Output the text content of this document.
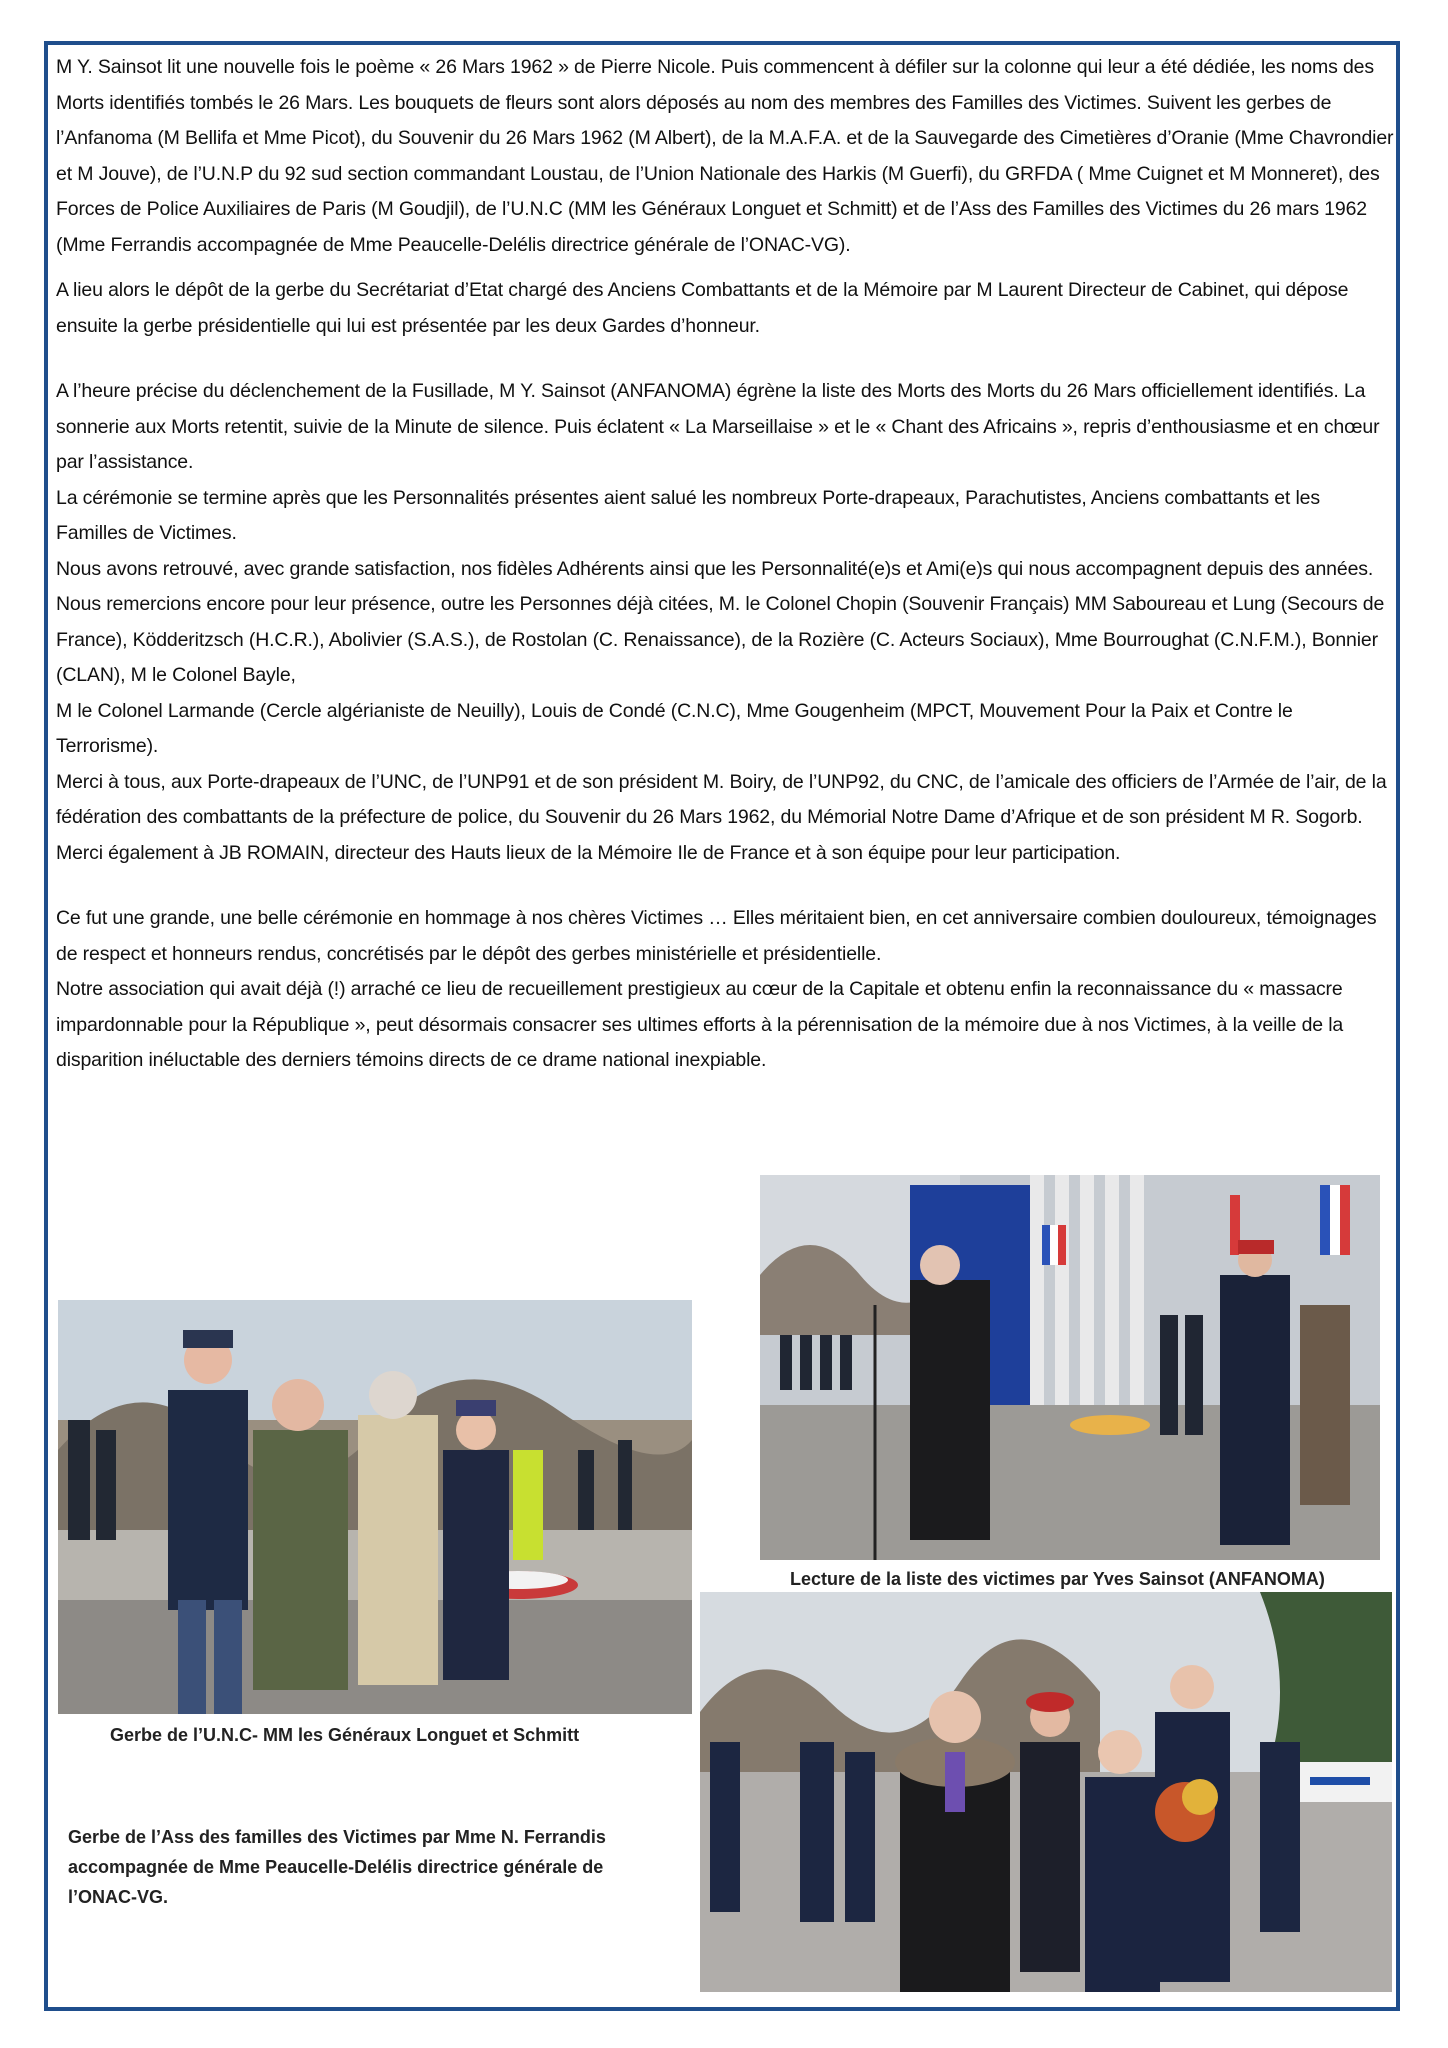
M Y. Sainsot lit une nouvelle fois le poème « 26 Mars 1962 » de Pierre Nicole. Puis commencent à défiler sur la colonne qui leur a été dédiée, les noms des Morts identifiés tombés le 26 Mars. Les bouquets de fleurs sont alors déposés au nom des membres des Familles des Victimes. Suivent les gerbes de l’Anfanoma (M Bellifa et Mme Picot), du Souvenir du 26 Mars 1962 (M Albert), de la M.A.F.A. et de la Sauvegarde des Cimetières d’Oranie (Mme Chavrondier et M Jouve), de l’U.N.P du 92 sud section commandant Loustau, de l’Union Nationale des Harkis (M Guerfi), du GRFDA ( Mme Cuignet et M Monneret), des Forces de Police Auxiliaires de Paris (M Goudjil), de l’U.N.C (MM les Généraux Longuet et Schmitt) et de l’Ass des Familles des Victimes du 26 mars 1962 (Mme Ferrandis accompagnée de Mme Peaucelle-Delélis directrice générale de l’ONAC-VG).

A lieu alors le dépôt de la gerbe du Secrétariat d’Etat chargé des Anciens Combattants et de la Mémoire par M Laurent Directeur de Cabinet, qui dépose ensuite la gerbe présidentielle qui lui est présentée par les deux Gardes d’honneur.

A l’heure précise du déclenchement de la Fusillade, M Y. Sainsot (ANFANOMA) égrène la liste des Morts des Morts du 26 Mars officiellement identifiés. La sonnerie aux Morts retentit, suivie de la Minute de silence. Puis éclatent « La Marseillaise » et le « Chant des Africains », repris d’enthousiasme et en chœur par l’assistance.

La cérémonie se termine après que les Personnalités présentes aient salué les nombreux Porte-drapeaux, Parachutistes, Anciens combattants et les Familles de Victimes.

Nous avons retrouvé, avec grande satisfaction, nos fidèles Adhérents ainsi que les Personnalité(e)s et Ami(e)s qui nous accompagnent depuis des années. Nous remercions encore pour leur présence, outre les Personnes déjà citées, M. le Colonel Chopin (Souvenir Français) MM Saboureau et Lung (Secours de France), Ködderitzsch (H.C.R.), Abolivier (S.A.S.), de Rostolan (C. Renaissance), de la Rozière (C. Acteurs Sociaux), Mme Bourroughat (C.N.F.M.), Bonnier (CLAN), M le Colonel Bayle,

M le Colonel Larmande (Cercle algérianiste de Neuilly), Louis de Condé (C.N.C), Mme Gougenheim (MPCT, Mouvement Pour la Paix et Contre le Terrorisme).

Merci à tous, aux Porte-drapeaux de l’UNC, de l’UNP91 et de son président M. Boiry, de l’UNP92, du CNC, de l’amicale des officiers de l’Armée de l’air, de la fédération des combattants de la préfecture de police, du Souvenir du 26 Mars 1962, du Mémorial Notre Dame d’Afrique et de son président M R. Sogorb.

Merci également à JB ROMAIN, directeur des Hauts lieux de la Mémoire Ile de France et à son équipe pour leur participation.

Ce fut une grande, une belle cérémonie en hommage à nos chères Victimes … Elles méritaient bien, en cet anniversaire combien douloureux, témoignages de respect et honneurs rendus, concrétisés par le dépôt des gerbes ministérielle et présidentielle.

Notre association qui avait déjà (!) arraché ce lieu de recueillement prestigieux au cœur de la Capitale et obtenu enfin la reconnaissance du « massacre impardonnable pour la République », peut désormais consacrer ses ultimes efforts à la pérennisation de la mémoire due à nos Victimes, à la veille de la disparition inéluctable des derniers témoins directs de ce drame national inexpiable.

Gerbe de l’U.N.C- MM les Généraux Longuet et Schmitt
Lecture de la liste des victimes par Yves Sainsot (ANFANOMA)
Gerbe de l’Ass des familles des Victimes par Mme N. Ferrandis accompagnée de Mme Peaucelle-Delélis directrice générale de l’ONAC-VG.
